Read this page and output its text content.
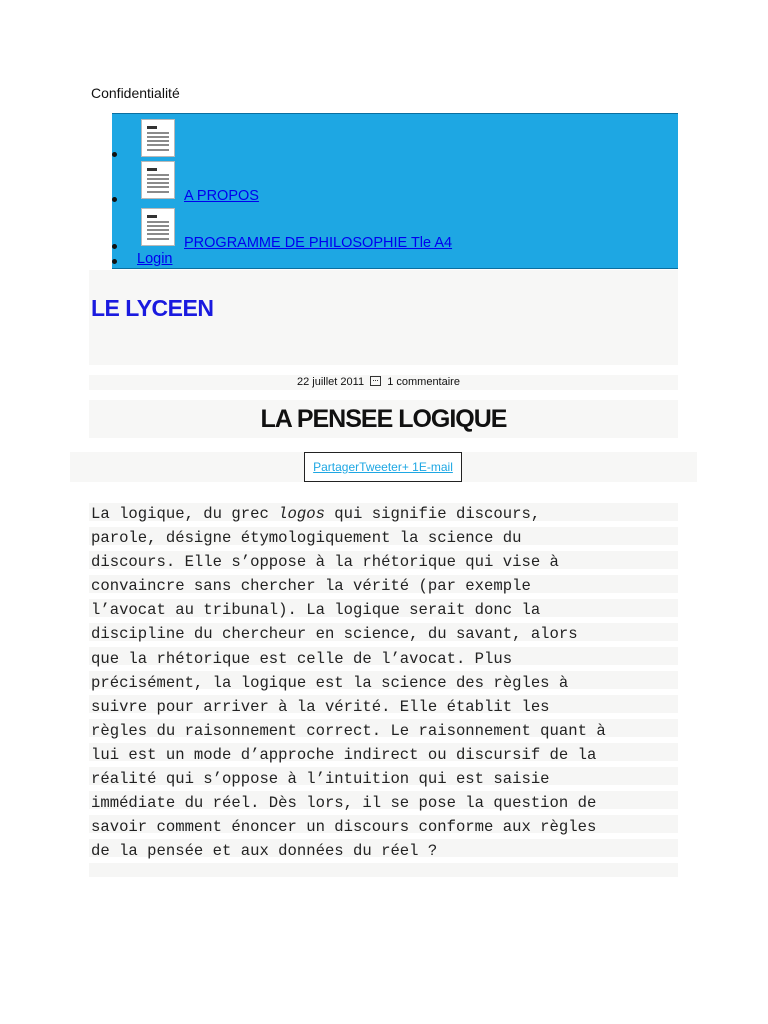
Confidentialité
A PROPOS
PROGRAMME DE PHILOSOPHIE Tle A4
Login
LE LYCEEN
22 juillet 2011 1 commentaire
LA PENSEE LOGIQUE
PartagerTweeter+ 1E-mail

La logique, du grec logos qui signifie discours,
parole, désigne étymologiquement la science du
discours. Elle s’oppose à la rhétorique qui vise à
convaincre sans chercher la vérité (par exemple
l’avocat au tribunal). La logique serait donc la
discipline du chercheur en science, du savant, alors
que la rhétorique est celle de l’avocat. Plus
précisément, la logique est la science des règles à
suivre pour arriver à la vérité. Elle établit les
règles du raisonnement correct. Le raisonnement quant à
lui est un mode d’approche indirect ou discursif de la
réalité qui s’oppose à l’intuition qui est saisie
immédiate du réel. Dès lors, il se pose la question de
savoir comment énoncer un discours conforme aux règles
de la pensée et aux données du réel ?
